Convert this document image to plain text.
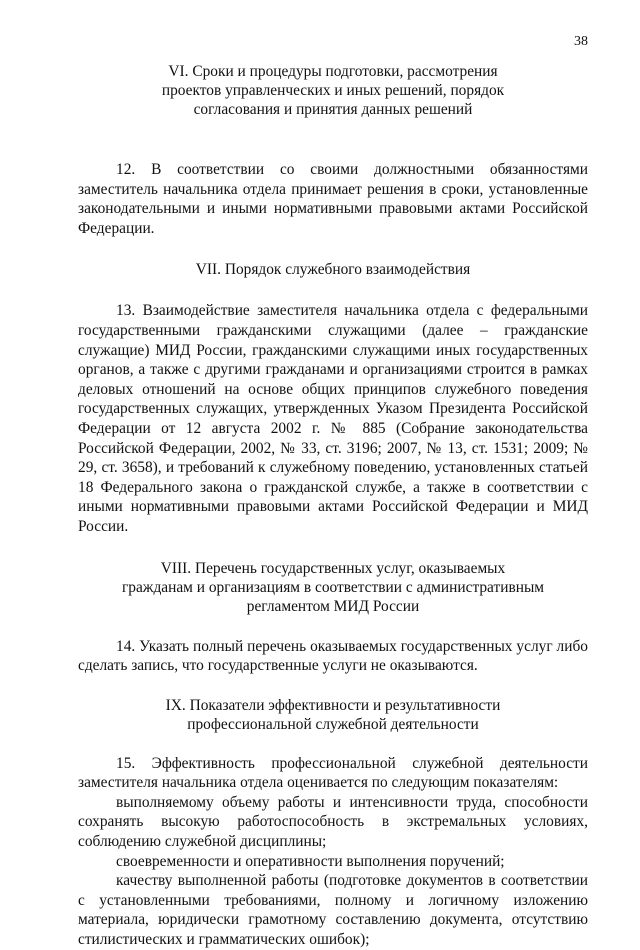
38
VI. Сроки и процедуры подготовки, рассмотрения
проектов управленческих и иных решений, порядок
согласования и принятия данных решений

12. В соответствии со своими должностными обязанностями заместитель начальника отдела принимает решения в сроки, установленные законодательными и иными нормативными правовыми актами Российской Федерации.

VII. Порядок служебного взаимодействия

13. Взаимодействие заместителя начальника отдела с федеральными государственными гражданскими служащими (далее – гражданские служащие) МИД России, гражданскими служащими иных государственных органов, а также с другими гражданами и организациями строится в рамках деловых отношений на основе общих принципов служебного поведения государственных служащих, утвержденных Указом Президента Российской Федерации от 12 августа 2002 г. № 885 (Собрание законодательства Российской Федерации, 2002, № 33, ст. 3196; 2007, № 13, ст. 1531; 2009; № 29, ст. 3658), и требований к служебному поведению, установленных статьей 18 Федерального закона о гражданской службе, а также в соответствии с иными нормативными правовыми актами Российской Федерации и МИД России.

VIII. Перечень государственных услуг, оказываемых
гражданам и организациям в соответствии с административным
регламентом МИД России

14. Указать полный перечень оказываемых государственных услуг либо сделать запись, что государственные услуги не оказываются.

IX. Показатели эффективности и результативности
профессиональной служебной деятельности

15. Эффективность профессиональной служебной деятельности заместителя начальника отдела оценивается по следующим показателям:

выполняемому объему работы и интенсивности труда, способности сохранять высокую работоспособность в экстремальных условиях, соблюдению служебной дисциплины;

своевременности и оперативности выполнения поручений;

качеству выполненной работы (подготовке документов в соответствии с установленными требованиями, полному и логичному изложению материала, юридически грамотному составлению документа, отсутствию стилистических и грамматических ошибок);
